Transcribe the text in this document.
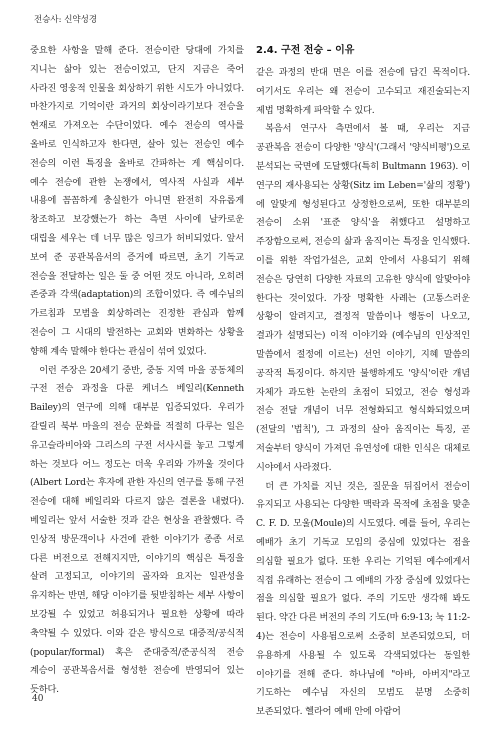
전승사: 신약성경

중요한 사항을 말해 준다. 전승이란 당대에 가치를 지니는 삶아 있는 전승이었고, 단지 지금은 죽어 사라진 영웅적 인물을 회상하기 위한 시도가 아니었다. 마찬가지로 기억이란 과거의 회상이라기보다 전승을 현재로 가져오는 수단이었다. 예수 전승의 역사를 올바로 인식하고자 한다면, 살아 있는 전승인 예수 전승의 이런 특징을 올바로 간파하는 게 핵심이다. 예수 전승에 관한 논쟁에서, 역사적 사실과 세부 내용에 꼼꼼하게 충실한가 아니면 완전히 자유롭게 창조하고 보강했는가 하는 측면 사이에 날카로운 대립을 세우는 데 너무 많은 잉크가 허비되었다. 앞서 보여 준 공관복음서의 증거에 따르면, 초기 기독교 전승을 전달하는 일은 둘 중 어떤 것도 아니라, 오히려 존중과 각색(adaptation)의 조합이었다. 즉 예수님의 가르침과 모범을 회상하려는 진정한 관심과 함께 전승이 그 시대의 발전하는 교회와 변화하는 상황을 향해 계속 말해야 한다는 관심이 섞여 있었다.

이런 주장은 20세기 중반, 중동 지역 마을 공동체의 구전 전승 과정을 다룬 케너스 베일리(Kenneth Bailey)의 연구에 의해 대부분 입증되었다. 우리가 갈릴리 북부 마을의 전승 문화를 적절히 다루는 일은 유고슬라비아와 그리스의 구전 서사시를 놓고 그렇게 하는 것보다 어느 정도는 더욱 우리와 가까울 것이다(Albert Lord는 후자에 관한 자신의 연구를 통해 구전 전승에 대해 베일리와 다르지 않은 결론을 내렸다). 베일리는 앞서 서술한 것과 같은 현상을 관찰했다. 즉 인상적 방문객이나 사건에 관한 이야기가 종종 서로 다른 버전으로 전해지지만, 이야기의 핵심은 특징을 살려 고정되고, 이야기의 골자와 요지는 일관성을 유지하는 반면, 해당 이야기를 뒷받침하는 세부 사항이 보강될 수 있었고 허용되거나 필요한 상황에 따라 축약될 수 있었다. 이와 같은 방식으로 대중적/공식적(popular/formal) 혹은 준대중적/준공식적 전승 계승이 공관복음서를 형성한 전승에 반영되어 있는 듯하다.

2.4. 구전 전승 – 이유

같은 과정의 반대 면은 이를 전승에 담긴 목적이다. 여기서도 우리는 왜 전승이 고수되고 재진술되는지 제법 명확하게 파악할 수 있다.

복음서 연구사 측면에서 볼 때, 우리는 지금 공관복음 전승이 다양한 '양식'(그래서 '양식비평')으로 분석되는 국면에 도달했다(특히 Bultmann 1963). 이 연구의 재사용되는 상황(Sitz im Leben='삶의 정황')에 알맞게 형성된다고 상정한으로써, 또한 대부분의 전승이 소위 '표준 양식'을 취했다고 설명하고 주장함으로써, 전승의 삶과 움직이는 특징을 인식했다. 이를 위한 작업가설은, 교회 안에서 사용되기 위해 전승은 당연히 다양한 자료의 고유한 양식에 알맞아야 한다는 것이었다. 가장 명확한 사례는 (고통스러운 상황이 알려지고, 결정적 말씀이나 행동이 나오고, 결과가 설명되는) 이적 이야기와 (예수님의 인상적인 말씀에서 절정에 이르는) 선언 이야기, 지혜 말씀의 공작적 특징이다. 하지만 불행하게도 '양식'이란 개념 자체가 과도한 논란의 초점이 되었고, 전승 형성과 전승 전달 개념이 너무 전형화되고 형식화되었으며(전달의 '법칙'), 그 과정의 살아 움직이는 특징, 곧 저술부터 양식이 가져던 유연성에 대한 인식은 대체로 시야에서 사라졌다.

더 큰 가치를 지닌 것은, 질문을 뒤집어서 전승이 유지되고 사용되는 다양한 맥락과 목적에 초점을 맞춘 C. F. D. 모울(Moule)의 시도였다. 예를 들어, 우리는 예배가 초기 기독교 모임의 중심에 있었다는 점을 의심할 필요가 없다. 또한 우리는 기억된 예수에게서 직접 유래하는 전승이 그 예배의 가장 중심에 있었다는 점을 의심할 필요가 없다. 주의 기도만 생각해 봐도 된다. 약간 다른 버전의 주의 기도(마 6:9-13; 눅 11:2-4)는 전승이 사용됨으로써 소중히 보존되었으되, 더 유용하게 사용될 수 있도록 각색되었다는 동일한 이야기를 전해 준다. 하나님에 "아바, 아버지"라고 기도하는 예수님 자신의 모범도 분명 소중히 보존되었다. 헬라어 예배 안에 아람어

40
